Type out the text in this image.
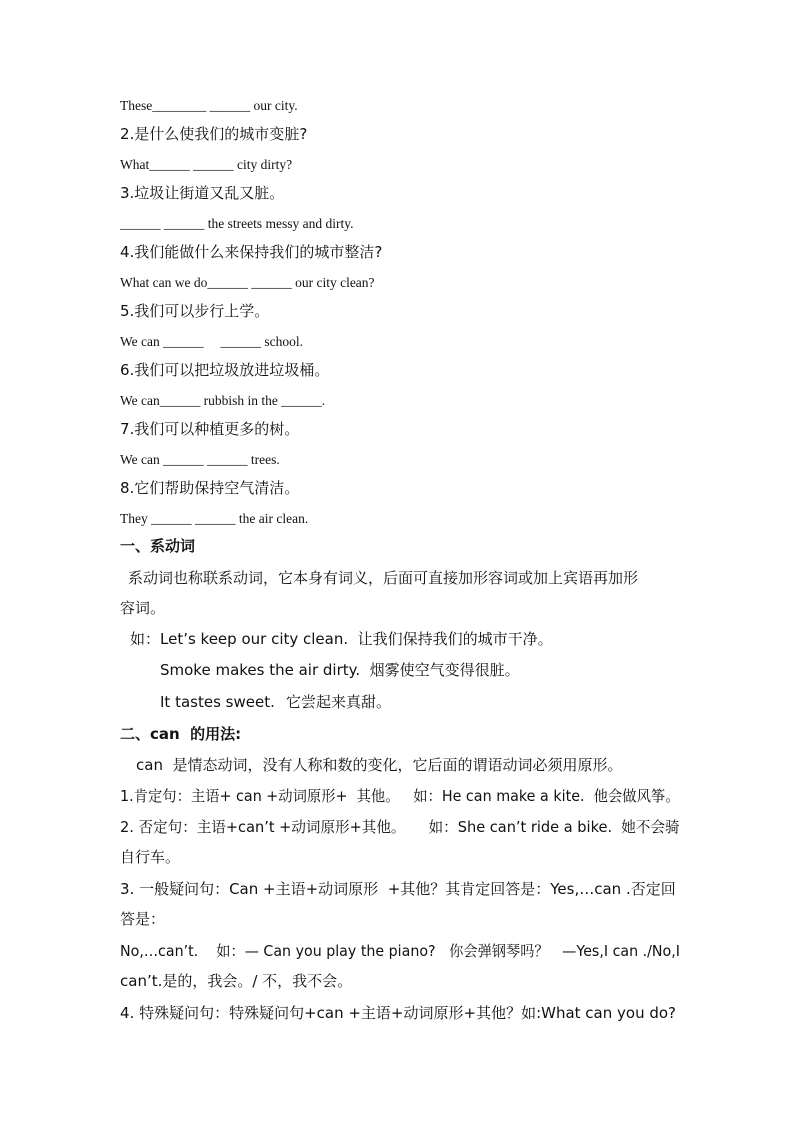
These________ ______ our city.
2.是什么使我们的城市变脏?
What______ ______ city dirty?
3.垃圾让街道又乱又脏。
______ ______ the streets messy and dirty.
4.我们能做什么来保持我们的城市整洁?
What can we do______ ______ our city clean?
5.我们可以步行上学。
We can ______     ______ school.
6.我们可以把垃圾放进垃圾桶。
We can______ rubbish in the ______.
7.我们可以种植更多的树。
We can ______ ______ trees.
8.它们帮助保持空气清洁。
They ______ ______ the air clean.
一、系动词
系动词也称联系动词，它本身有词义，后面可直接加形容词或加上宾语再加形
容词。
如：Let’s keep our city clean.  让我们保持我们的城市干净。
Smoke makes the air dirty.  烟雾使空气变得很脏。
It tastes sweet. 它尝起来真甜。
二、can  的用法:
can  是情态动词，没有人称和数的变化，它后面的谓语动词必须用原形。
1.肯定句：主语+ can +动词原形+  其他。   如：He can make a kite.  他会做风筝。
2. 否定句：主语+can’t +动词原形+其他。     如：She can’t ride a bike.  她不会骑
自行车。
3. 一般疑问句：Can +主语+动词原形  +其他？其肯定回答是：Yes,…can .否定回
答是：
No,…can’t.    如：— Can you play the piano?   你会弹钢琴吗？   —Yes,I can ./No,I
can’t.是的，我会。/ 不，我不会。
4. 特殊疑问句：特殊疑问句+can +主语+动词原形+其他？如:What can you do?
